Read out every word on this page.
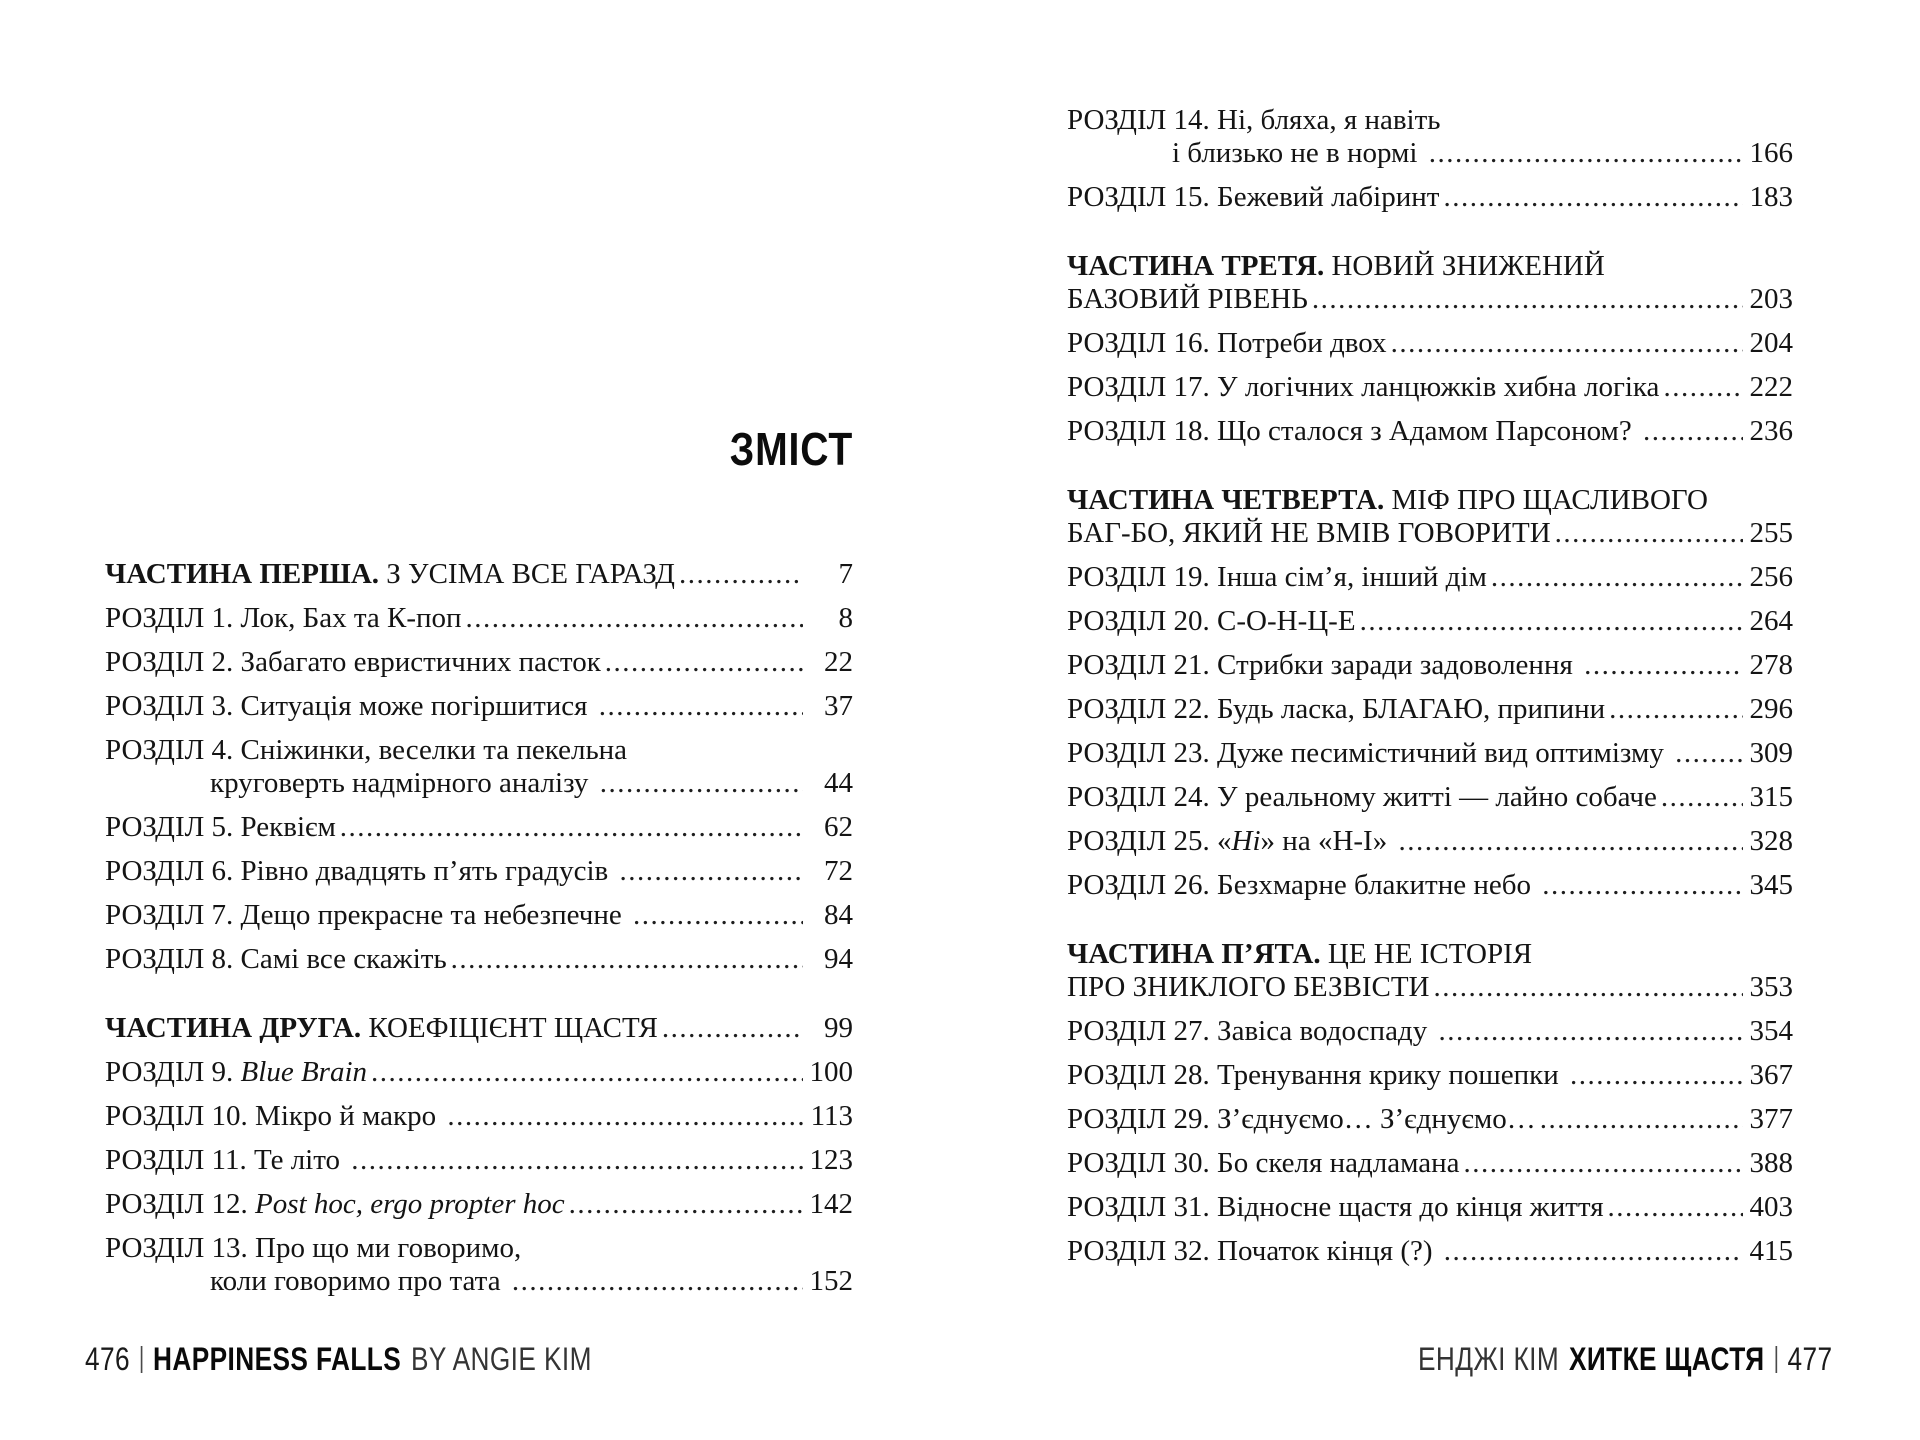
ЗМІСТ
ЧАСТИНА ПЕРША. З УСІМА ВСЕ ГАРАЗД .....	7
РОЗДІЛ 1. Лок, Бах та К-поп .....	8
РОЗДІЛ 2. Забагато евристичних пасток .....	22
РОЗДІЛ 3. Ситуація може погіршитися .....	37
РОЗДІЛ 4. Сніжинки, веселки та пекельна
круговерть надмірного аналізу .....	44
РОЗДІЛ 5. Реквієм .....	62
РОЗДІЛ 6. Рівно двадцять п’ять градусів .....	72
РОЗДІЛ 7. Дещо прекрасне та небезпечне .....	84
РОЗДІЛ 8. Самі все скажіть .....	94
ЧАСТИНА ДРУГА. КОЕФІЦІЄНТ ЩАСТЯ .....	99
РОЗДІЛ 9. Blue Brain .....	100
РОЗДІЛ 10. Мікро й макро .....	113
РОЗДІЛ 11. Те літо .....	123
РОЗДІЛ 12. Post hoc, ergo propter hoc .....	142
РОЗДІЛ 13. Про що ми говоримо,
коли говоримо про тата .....	152
РОЗДІЛ 14. Ні, бляха, я навіть
і близько не в нормі .....	166
РОЗДІЛ 15. Бежевий лабіринт .....	183
ЧАСТИНА ТРЕТЯ. НОВИЙ ЗНИЖЕНИЙ
БАЗОВИЙ РІВЕНЬ .....	203
РОЗДІЛ 16. Потреби двох .....	204
РОЗДІЛ 17. У логічних ланцюжків хибна логіка .....	222
РОЗДІЛ 18. Що сталося з Адамом Парсоном? .....	236
ЧАСТИНА ЧЕТВЕРТА. МІФ ПРО ЩАСЛИВОГО
БАГ-БО, ЯКИЙ НЕ ВМІВ ГОВОРИТИ .....	255
РОЗДІЛ 19. Інша сім’я, інший дім .....	256
РОЗДІЛ 20. С-О-Н-Ц-Е .....	264
РОЗДІЛ 21. Стрибки заради задоволення .....	278
РОЗДІЛ 22. Будь ласка, БЛАГАЮ, припини .....	296
РОЗДІЛ 23. Дуже песимістичний вид оптимізму .....	309
РОЗДІЛ 24. У реальному житті — лайно собаче .....	315
РОЗДІЛ 25. «Ні» на «Н-І» .....	328
РОЗДІЛ 26. Безхмарне блакитне небо .....	345
ЧАСТИНА П’ЯТА. ЦЕ НЕ ІСТОРІЯ
ПРО ЗНИКЛОГО БЕЗВІСТИ .....	353
РОЗДІЛ 27. Завіса водоспаду .....	354
РОЗДІЛ 28. Тренування крику пошепки .....	367
РОЗДІЛ 29. З’єднуємо… З’єднуємо… .....	377
РОЗДІЛ 30. Бо скеля надламана .....	388
РОЗДІЛ 31. Відносне щастя до кінця життя .....	403
РОЗДІЛ 32. Початок кінця (?) .....	415
476 HAPPINESS FALLS BY ANGIE KIM	ЕНДЖІ КІМ ХИТКЕ ЩАСТЯ 477
